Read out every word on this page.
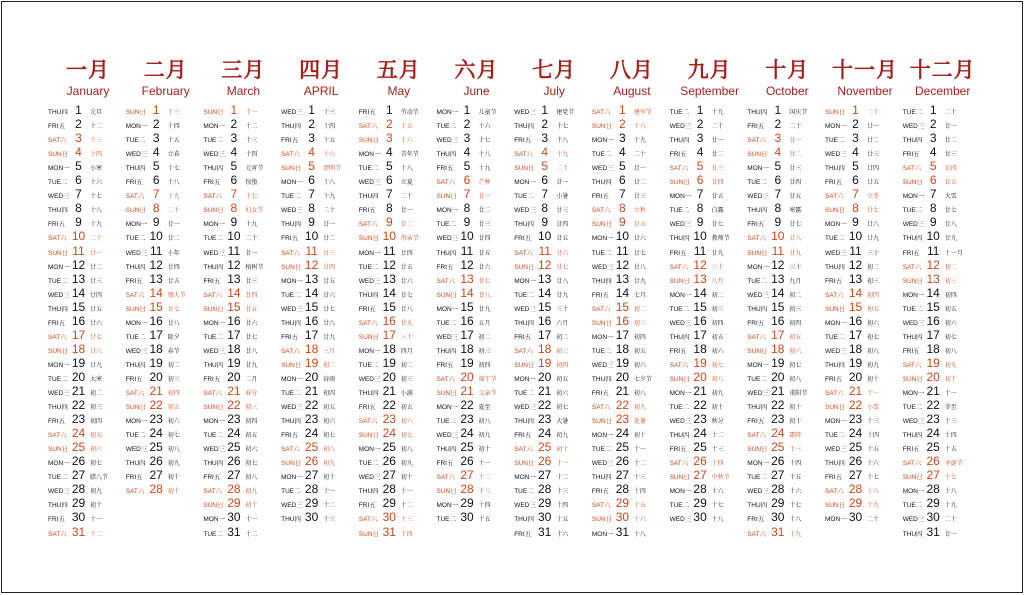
一月
January
THU四 1	元旦
FRI五 2	十二
SAT六 3	十三
SUN日 4	十四
MON一 5	小寒
TUE二 6	十六
WED三 7	十七
THU四 8	十八
FRI五 9	十九
SAT六 10 二十
SUN日 11 廿一
MON一 12 廿二
TUE二 13 廿三
WED三 14 廿四
THU四 15 廿五
FRI五 16 廿六
SAT六 17 廿七
SUN日 18 廿八
MON一 19 廿九
TUE二 20 大寒
WED三 21 初二
THU四 22 初三
FRI五 23 初四
SAT六 24 初五
SUN日 25 初六
MON一 26 初七
TUE二 27 腊八节
WED三 28 初九
THU四 29 初十
FRI五 30 十一
SAT六 31 十二
二月
February
SUN日 1	十三
MON一 2	十四
TUE二 3	十五
WED三 4	立春
THU四 5	十七
FRI五 6	十八
SAT六 7	十九
SUN日 8	二十
MON一 9	廿一
TUE二 10 廿二
WED三 11 小年
THU四 12 廿四
FRI五 13 廿五
SAT六 14 情人节
SUN日 15 廿七
MON一 16 廿八
TUE二 17 除夕
WED三 18 春节
THU四 19 初二
FRI五 20 初三
SAT六 21 初四
SUN日 22 初五
MON一 23 初六
TUE二 24 初七
WED三 25 初八
THU四 26 初九
FRI五 27 初十
SAT六 28 初十
三月
March
SUN日 1	十一
MON一 2	十二
TUE二 3	十三
WED三 4	十四
THU四 5	元宵节
FRI五 6	惊蛰
SAT六 7	十七
SUN日 8	妇女节
MON一 9	十九
TUE二 10 二十
WED三 11 廿一
THU四 12 植树节
FRI五 13 廿三
SAT六 14 廿四
SUN日 15 廿五
MON一 16 廿六
TUE二 17 廿七
WED三 18 廿八
THU四 19 廿九
FRI五 20 二月
SAT六 21 春分
SUN日 22 初三
MON一 23 初四
TUE二 24 初五
WED三 25 初六
THU四 26 初七
FRI五 27 初八
SAT六 28 初九
SUN日 29 初十
MON一 30 十一
TUE二 31 十二
四月
APRIL
WED三 1	十三
THU四 2	十四
FRI五 3	十五
SAT六 4	十六
SUN日 5	清明节
MON一 6	十八
TUE二 7	十九
WED三 8	二十
THU四 9	廿一
FRI五 10 廿二
SAT六 11 廿三
SUN日 12 廿四
MON一 13 廿五
TUE二 14 廿六
WED三 15 廿七
THU四 16 廿八
FRI五 17 廿九
SAT六 18 三月
SUN日 19 初二
MON一 20 谷雨
TUE二 21 初四
WED三 22 初五
THU四 23 初六
FRI五 24 初七
SAT六 25 初八
SUN日 26 初九
MON一 27 初十
TUE二 28 十一
WED三 29 十二
THU四 30 十三
五月
May
FRI五 1	劳动节
SAT六 2	十五
SUN日 3	十六
MON一 4	青年节
TUE二 5	十八
WED三 6	立夏
THU四 7	二十
FRI五 8	廿一
SAT六 9	廿二
SUN日 10 母亲节
MON一 11 廿四
TUE二 12 廿五
WED三 13 廿六
THU四 14 廿七
FRI五 15 廿八
SAT六 16 廿九
SUN日 17 三十
MON一 18 四月
TUE二 19 初二
WED三 20 初三
THU四 21 小满
FRI五 22 初五
SAT六 23 初六
SUN日 24 初七
MON一 25 初八
TUE二 26 初九
WED三 27 初十
THU四 28 十一
FRI五 29 十二
SAT六 30 十三
SUN日 31 十四
六月
June
MON一 1	儿童节
TUE二 2	十六
WED三 3	十七
THU四 4	十八
FRI五 5	十九
SAT六 6	芒种
SUN日 7	廿一
MON一 8	廿二
TUE二 9	廿三
WED三 10 廿四
THU四 11 廿五
FRI五 12 廿六
SAT六 13 廿七
SUN日 14 廿八
MON一 15 廿九
TUE二 16 五月
WED三 17 初二
THU四 18 初三
FRI五 19 初四
SAT六 20 端午节
SUN日 21 父亲节
MON一 22 夏至
TUE二 23 初八
WED三 24 初九
THU四 25 初十
FRI五 26 十一
SAT六 27 十二
SUN日 28 十三
MON一 29 十四
TUE二 30 十五
七月
July
WED三 1	建党节
THU四 2	十七
FRI五 3	十八
SAT六 4	十九
SUN日 5	二十
MON一 6	廿一
TUE二 7	小暑
WED三 8	廿三
THU四 9	廿四
FRI五 10 廿五
SAT六 11 廿六
SUN日 12 廿七
MON一 13 廿八
TUE二 14 廿九
WED三 15 三十
THU四 16 六月
FRI五 17 初二
SAT六 18 初三
SUN日 19 初四
MON一 20 初五
TUE二 21 初六
WED三 22 初七
THU四 23 大暑
FRI五 24 初九
SAT六 25 初十
SUN日 26 十一
MON一 27 十二
TUE二 28 十三
WED三 29 十四
THU四 30 十五
FRI五 31 十六
八月
August
SAT六 1	建军节
SUN日 2	十八
MON一 3	十九
TUE二 4	二十
WED三 5	廿一
THU四 6	廿二
FRI五 7	廿三
SAT六 8	立秋
SUN日 9	廿五
MON一 10 廿六
TUE二 11 廿七
WED三 12 廿八
THU四 13 廿九
FRI五 14 七月
SAT六 15 初二
SUN日 16 初三
MON一 17 初四
TUE二 18 初五
WED三 19 初六
THU四 20 七夕节
FRI五 21 初八
SAT六 22 初九
SUN日 23 处暑
MON一 24 初十
TUE二 25 十一
WED三 26 十二
THU四 27 十三
FRI五 28 十四
SAT六 29 十五
SUN日 30 十六
MON一 31 十八
九月
September
TUE二 1	十九
WED三 2	二十
THU四 3	廿一
FRI五 4	廿二
SAT六 5	廿三
SUN日 6	廿四
MON一 7	廿五
TUE二 8	白露
WED三 9	廿七
THU四 10 教师节
FRI五 11 廿九
SAT六 12 三十
SUN日 13 八月
MON一 14 初二
TUE二 15 初三
WED三 16 初四
THU四 17 初五
FRI五 18 初六
SAT六 19 初七
SUN日 20 初八
MON一 21 初九
TUE二 22 初十
WED三 23 秋分
THU四 24 十二
FRI五 25 十三
SAT六 26 十四
SUN日 27 中秋节
MON一 28 十六
TUE二 29 十七
WED三 30 十八
十月
October
THU四 1	国庆节
FRI五 2	二十
SAT六 3	廿一
SUN日 4	廿二
MON一 5	廿三
TUE二 6	廿四
WED三 7	廿五
THU四 8	寒露
FRI五 9	廿七
SAT六 10 廿八
SUN日 11 廿九
MON一 12 三十
TUE二 13 九月
WED三 14 初二
THU四 15 初三
FRI五 16 初四
SAT六 17 初五
SUN日 18 初六
MON一 19 初七
TUE二 20 初八
WED三 21 重阳节
THU四 22 初十
FRI五 23 初十
SAT六 24 霜降
SUN日 25 十三
MON一 26 十四
TUE二 27 十五
WED三 28 十六
THU四 29 十七
FRI五 30 十八
SAT六 31 十九
十一月
November
SUN日 1	二十
MON一 2	廿一
TUE二 3	廿二
WED三 4	廿三
THU四 5	廿四
FRI五 6	廿五
SAT六 7	立冬
SUN日 8	廿七
MON一 9	廿八
TUE二 10 廿九
WED三 11 三十
THU四 12 初二
FRI五 13 初三
SAT六 14 初四
SUN日 15 初五
MON一 16 初六
TUE二 17 初七
WED三 18 初八
THU四 19 初九
FRI五 20 初十
SAT六 21 十一
SUN日 22 小雪
MON一 23 十三
TUE二 24 十四
WED三 25 十五
THU四 26 十六
FRI五 27 十七
SAT六 28 十八
SUN日 29 十九
MON一 30 二十
十二月
December
TUE二 1	二十
WED三 2	廿一
THU四 3	廿二
FRI五 4	廿三
SAT六 5	廿四
SUN日 6	廿五
MON一 7	大雪
TUE二 8	廿七
WED三 9	廿八
THU四 10 廿九
FRI五 11 十一月
SAT六 12 初二
SUN日 13 初三
MON一 14 初四
TUE二 15 初五
WED三 16 初六
THU四 17 初七
FRI五 18 初八
SAT六 19 初九
SUN日 20 初十
MON一 21 十一
TUE二 22 冬至
WED三 23 十三
THU四 24 十四
FRI五 25 十五
SAT六 26 圣诞节
SUN日 27 十七
MON一 28 十八
TUE二 29 十九
WED三 30 二十
THU四 31 廿一
